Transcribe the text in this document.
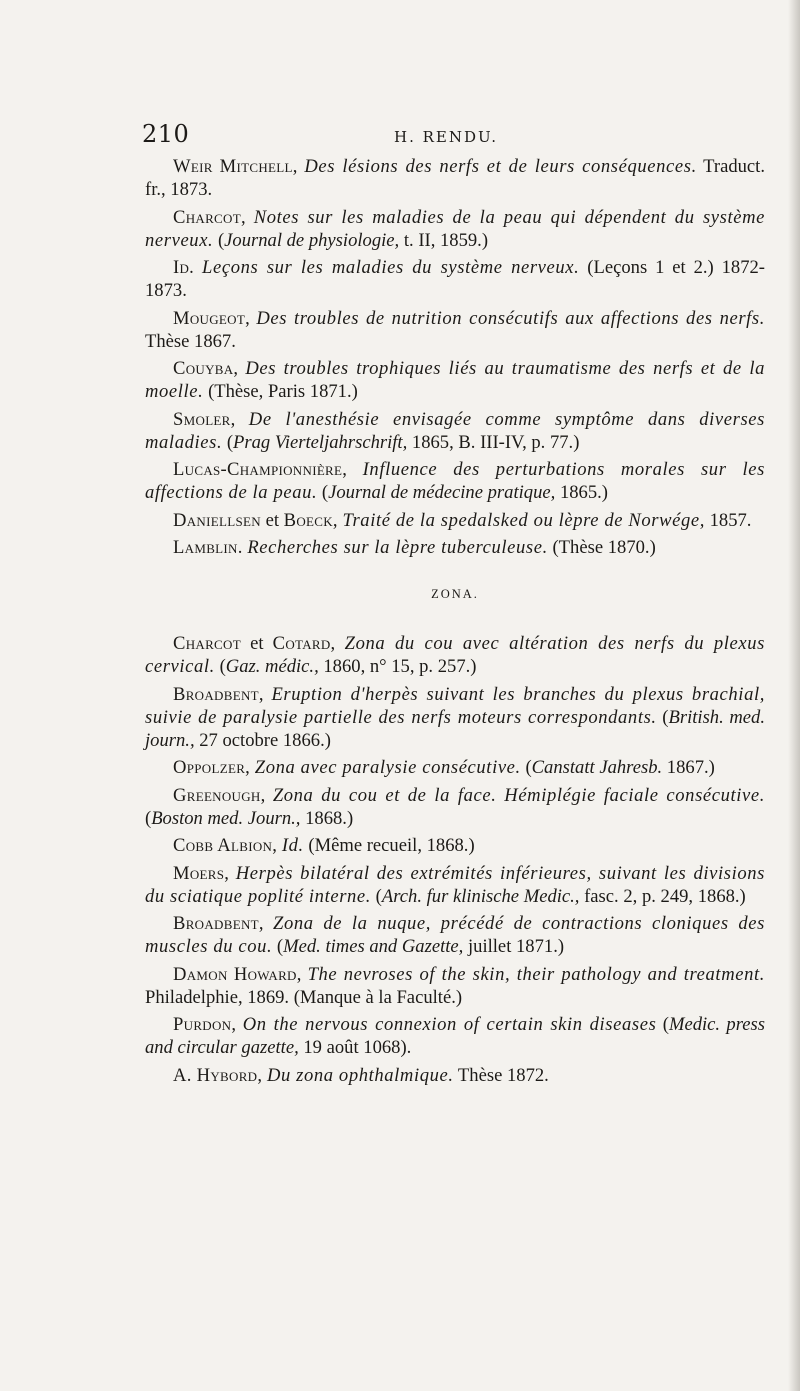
210	H. RENDU.

Weir Mitchell, Des lésions des nerfs et de leurs conséquences. Traduct. fr., 1873.

Charcot, Notes sur les maladies de la peau qui dépendent du système nerveux. (Journal de physiologie, t. II, 1859.)

Id. Leçons sur les maladies du système nerveux. (Leçons 1 et 2.) 1872-1873.

Mougeot, Des troubles de nutrition consécutifs aux affections des nerfs. Thèse 1867.

Couyba, Des troubles trophiques liés au traumatisme des nerfs et de la moelle. (Thèse, Paris 1871.)

Smoler, De l'anesthésie envisagée comme symptôme dans diverses maladies. (Prag Vierteljahrschrift, 1865, B. III-IV, p. 77.)

Lucas-Championnière, Influence des perturbations morales sur les affections de la peau. (Journal de médecine pratique, 1865.)

Daniellsen et Boeck, Traité de la spedalsked ou lèpre de Norwége, 1857.

Lamblin. Recherches sur la lèpre tuberculeuse. (Thèse 1870.)

ZONA.

Charcot et Cotard, Zona du cou avec altération des nerfs du plexus cervical. (Gaz. médic., 1860, n° 15, p. 257.)

Broadbent, Eruption d'herpès suivant les branches du plexus brachial, suivie de paralysie partielle des nerfs moteurs correspondants. (British. med. journ., 27 octobre 1866.)

Oppolzer, Zona avec paralysie consécutive. (Canstatt Jahresb. 1867.)

Greenough, Zona du cou et de la face. Hémiplégie faciale consécutive. (Boston med. Journ., 1868.)

Cobb Albion, Id. (Même recueil, 1868.)

Moers, Herpès bilatéral des extrémités inférieures, suivant les divisions du sciatique poplité interne. (Arch. fur klinische Medic., fasc. 2, p. 249, 1868.)

Broadbent, Zona de la nuque, précédé de contractions cloniques des muscles du cou. (Med. times and Gazette, juillet 1871.)

Damon Howard, The nevroses of the skin, their pathology and treatment. Philadelphie, 1869. (Manque à la Faculté.)

Purdon, On the nervous connexion of certain skin diseases (Medic. press and circular gazette, 19 août 1068).

A. Hybord, Du zona ophthalmique. Thèse 1872.
